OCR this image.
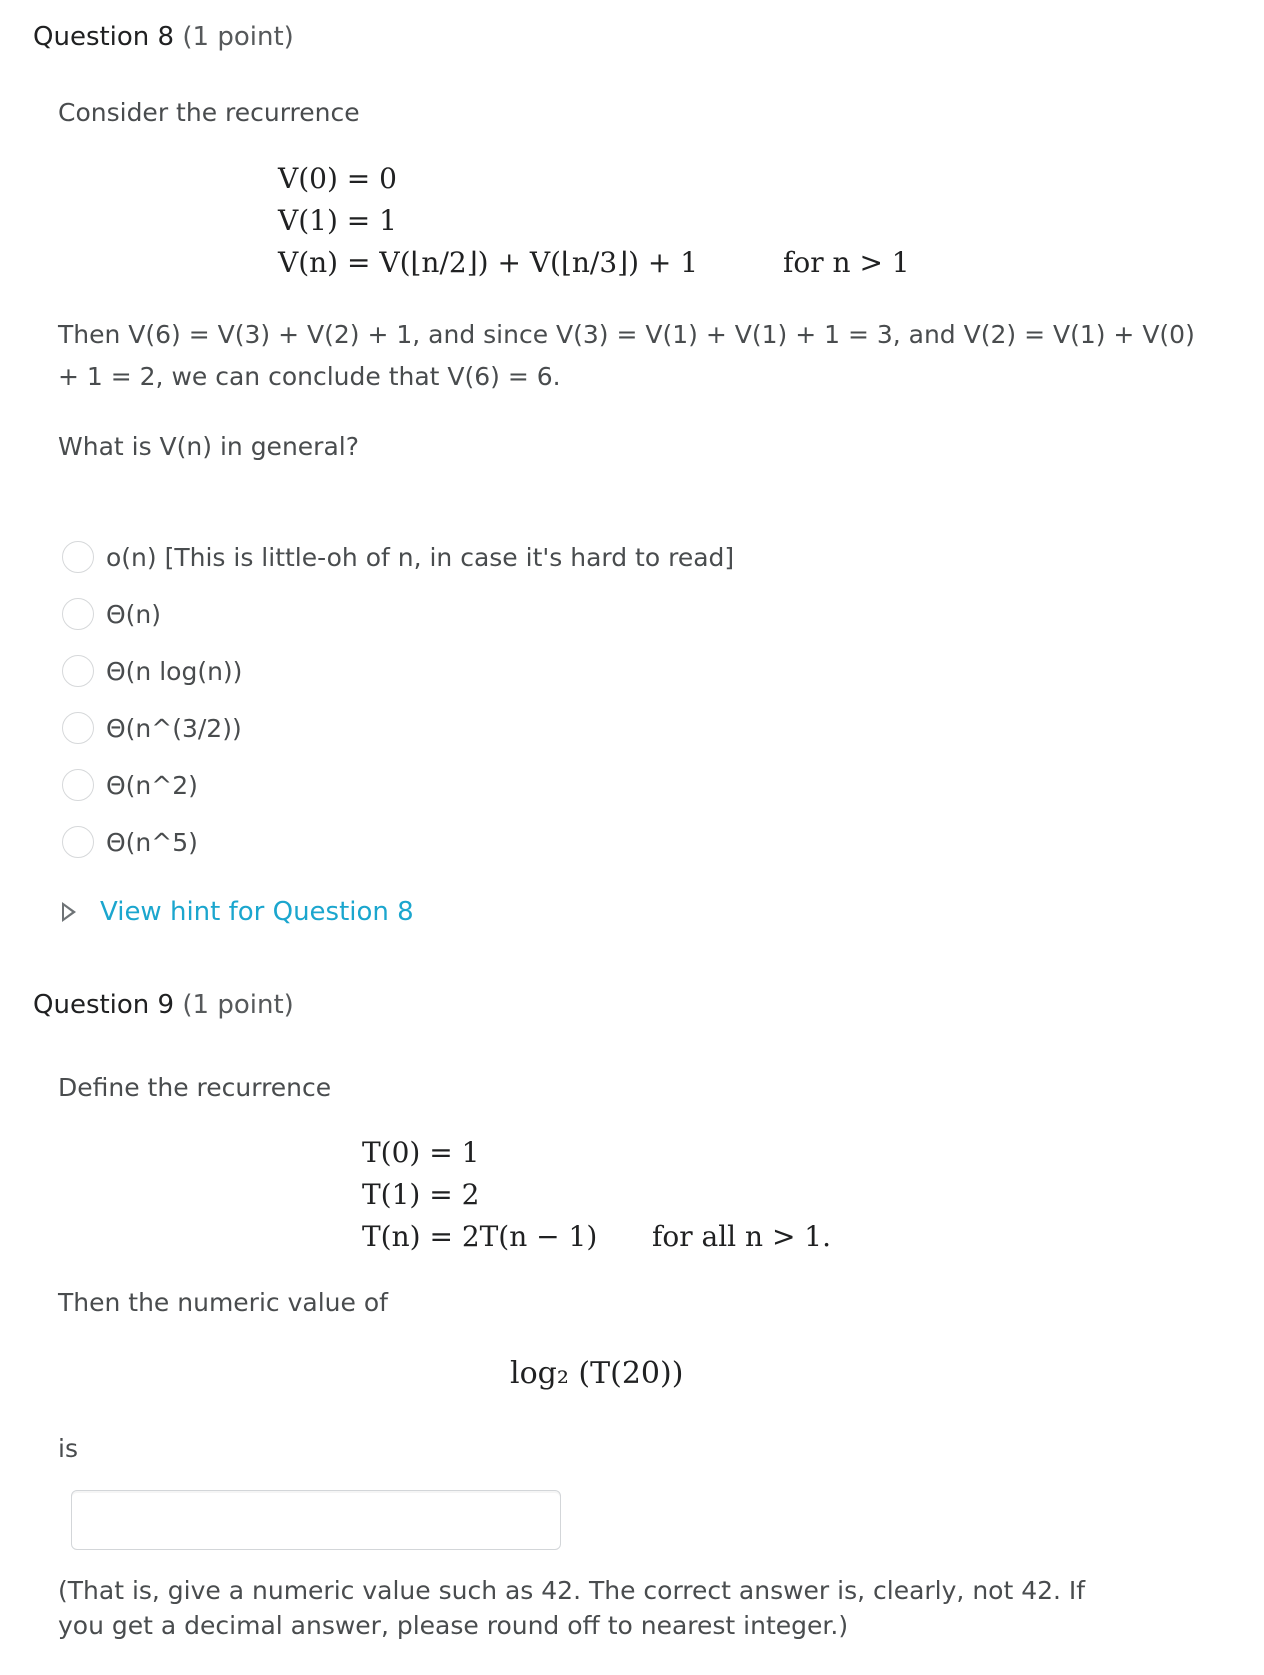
Question 8 (1 point)
Consider the recurrence
V(0) = 0
V(1) = 1
V(n) = V(⌊n/2⌋) + V(⌊n/3⌋) + 1	for n > 1
Then V(6) = V(3) + V(2) + 1, and since V(3) = V(1) + V(1) + 1 = 3, and V(2) = V(1) + V(0)
+ 1 = 2, we can conclude that V(6) = 6.
What is V(n) in general?
o(n) [This is little-oh of n, in case it's hard to read]
Θ(n)
Θ(n log(n))
Θ(n^(3/2))
Θ(n^2)
Θ(n^5)
View hint for Question 8
Question 9 (1 point)
Define the recurrence
T(0) = 1
T(1) = 2
T(n) = 2T(n − 1) for all n > 1.
Then the numeric value of
log₂ (T(20))
is
(That is, give a numeric value such as 42. The correct answer is, clearly, not 42. If
you get a decimal answer, please round off to nearest integer.)
